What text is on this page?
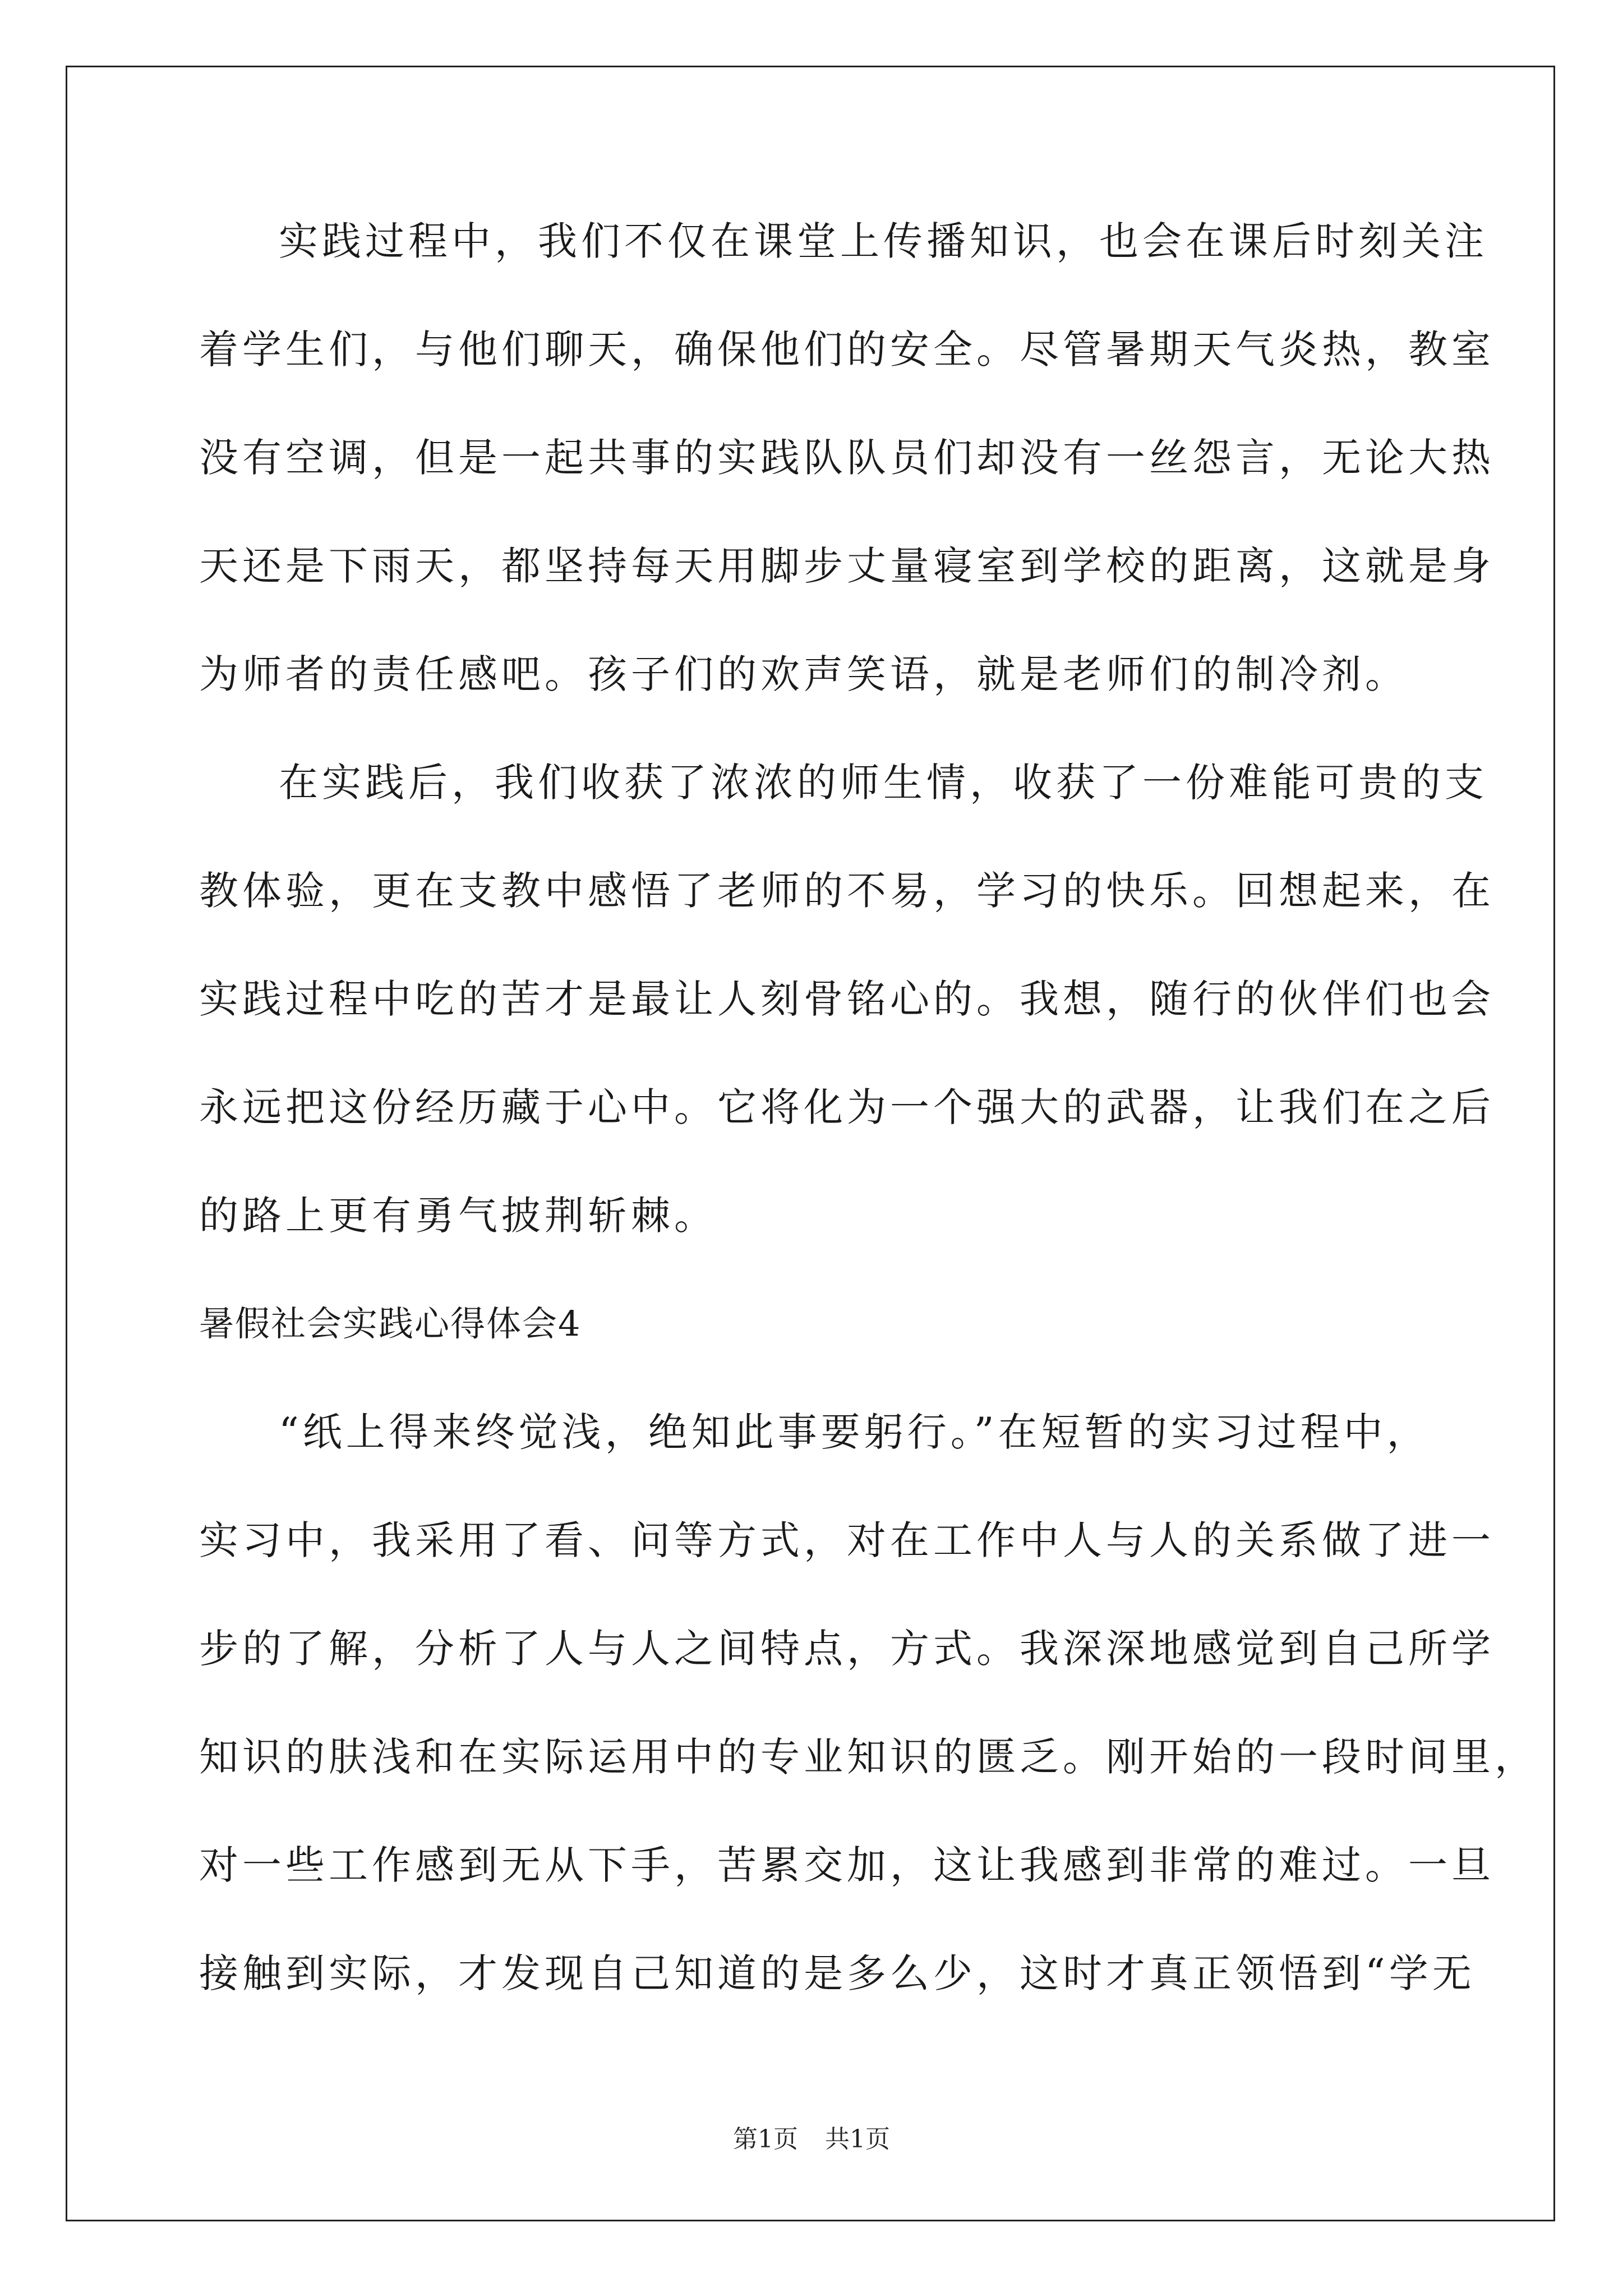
实践过程中，我们不仅在课堂上传播知识，也会在课后时刻关注
着学生们，与他们聊天，确保他们的安全。尽管暑期天气炎热，教室
没有空调，但是一起共事的实践队队员们却没有一丝怨言，无论大热
天还是下雨天，都坚持每天用脚步丈量寝室到学校的距离，这就是身
为师者的责任感吧。孩子们的欢声笑语，就是老师们的制冷剂。
在实践后，我们收获了浓浓的师生情，收获了一份难能可贵的支
教体验，更在支教中感悟了老师的不易，学习的快乐。回想起来，在
实践过程中吃的苦才是最让人刻骨铭心的。我想，随行的伙伴们也会
永远把这份经历藏于心中。它将化为一个强大的武器，让我们在之后
的路上更有勇气披荆斩棘。
暑假社会实践心得体会4
“纸上得来终觉浅，绝知此事要躬行。”在短暂的实习过程中，
实习中，我采用了看、问等方式，对在工作中人与人的关系做了进一
步的了解，分析了人与人之间特点，方式。我深深地感觉到自己所学
知识的肤浅和在实际运用中的专业知识的匮乏。刚开始的一段时间里，
对一些工作感到无从下手，苦累交加，这让我感到非常的难过。一旦
接触到实际，才发现自己知道的是多么少，这时才真正领悟到“学无
第1页 共1页
